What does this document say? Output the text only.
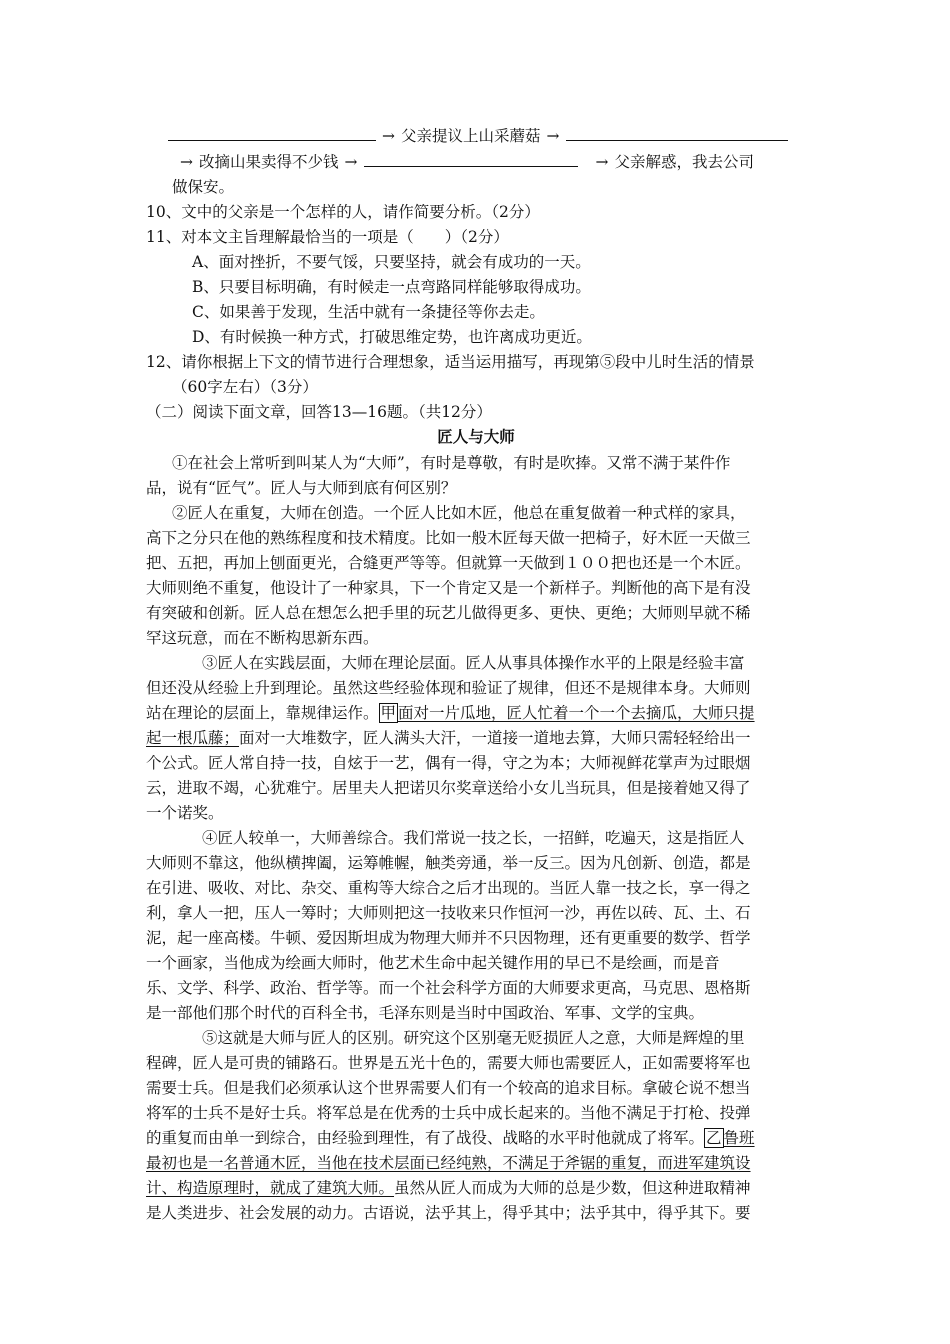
→ 父亲提议上山采蘑菇 →
→ 改摘山果卖得不少钱 →	→ 父亲解惑，我去公司
做保安。
10、文中的父亲是一个怎样的人，请作简要分析。（2分）
11、对本文主旨理解最恰当的一项是（　　）（2分）
A、面对挫折，不要气馁，只要坚持，就会有成功的一天。
B、只要目标明确，有时候走一点弯路同样能够取得成功。
C、如果善于发现，生活中就有一条捷径等你去走。
D、有时候换一种方式，打破思维定势，也许离成功更近。
12、请你根据上下文的情节进行合理想象，适当运用描写，再现第⑤段中儿时生活的情景
（60字左右）（3分）
（二）阅读下面文章，回答13—16题。（共12分）
匠人与大师
①在社会上常听到叫某人为“大师”，有时是尊敬，有时是吹捧。又常不满于某件作
品，说有“匠气”。匠人与大师到底有何区别？
②匠人在重复，大师在创造。一个匠人比如木匠，他总在重复做着一种式样的家具，
高下之分只在他的熟练程度和技术精度。比如一般木匠每天做一把椅子，好木匠一天做三
把、五把，再加上刨面更光，合缝更严等等。但就算一天做到１００把也还是一个木匠。
大师则绝不重复，他设计了一种家具，下一个肯定又是一个新样子。判断他的高下是有没
有突破和创新。匠人总在想怎么把手里的玩艺儿做得更多、更快、更绝；大师则早就不稀
罕这玩意，而在不断构思新东西。
③匠人在实践层面，大师在理论层面。匠人从事具体操作水平的上限是经验丰富
但还没从经验上升到理论。虽然这些经验体现和验证了规律，但还不是规律本身。大师则
站在理论的层面上，靠规律运作。 甲 面对一片瓜地，匠人忙着一个一个去摘瓜，大师只提
起一根瓜藤；面对一大堆数字，匠人满头大汗，一道接一道地去算，大师只需轻轻给出一
个公式。匠人常自持一技，自炫于一艺，偶有一得，守之为本；大师视鲜花掌声为过眼烟
云，进取不竭，心犹难宁。居里夫人把诺贝尔奖章送给小女儿当玩具，但是接着她又得了
一个诺奖。
④匠人较单一，大师善综合。我们常说一技之长，一招鲜，吃遍天，这是指匠人
大师则不靠这，他纵横捭阖，运筹帷幄，触类旁通，举一反三。因为凡创新、创造，都是
在引进、吸收、对比、杂交、重构等大综合之后才出现的。当匠人靠一技之长，享一得之
利，拿人一把，压人一筹时；大师则把这一技收来只作恒河一沙，再佐以砖、瓦、土、石
泥，起一座高楼。牛顿、爱因斯坦成为物理大师并不只因物理，还有更重要的数学、哲学
一个画家，当他成为绘画大师时，他艺术生命中起关键作用的早已不是绘画，而是音
乐、文学、科学、政治、哲学等。而一个社会科学方面的大师要求更高，马克思、恩格斯
是一部他们那个时代的百科全书，毛泽东则是当时中国政治、军事、文学的宝典。
⑤这就是大师与匠人的区别。研究这个区别毫无贬损匠人之意，大师是辉煌的里
程碑，匠人是可贵的铺路石。世界是五光十色的，需要大师也需要匠人，正如需要将军也
需要士兵。但是我们必须承认这个世界需要人们有一个较高的追求目标。拿破仑说不想当
将军的士兵不是好士兵。将军总是在优秀的士兵中成长起来的。当他不满足于打枪、投弹
的重复而由单一到综合，由经验到理性，有了战役、战略的水平时他就成了将军。 乙 鲁班
最初也是一名普通木匠，当他在技术层面已经纯熟，不满足于斧锯的重复，而进军建筑设
计、构造原理时，就成了建筑大师。虽然从匠人而成为大师的总是少数，但这种进取精神
是人类进步、社会发展的动力。古语说，法乎其上，得乎其中；法乎其中，得乎其下。要
